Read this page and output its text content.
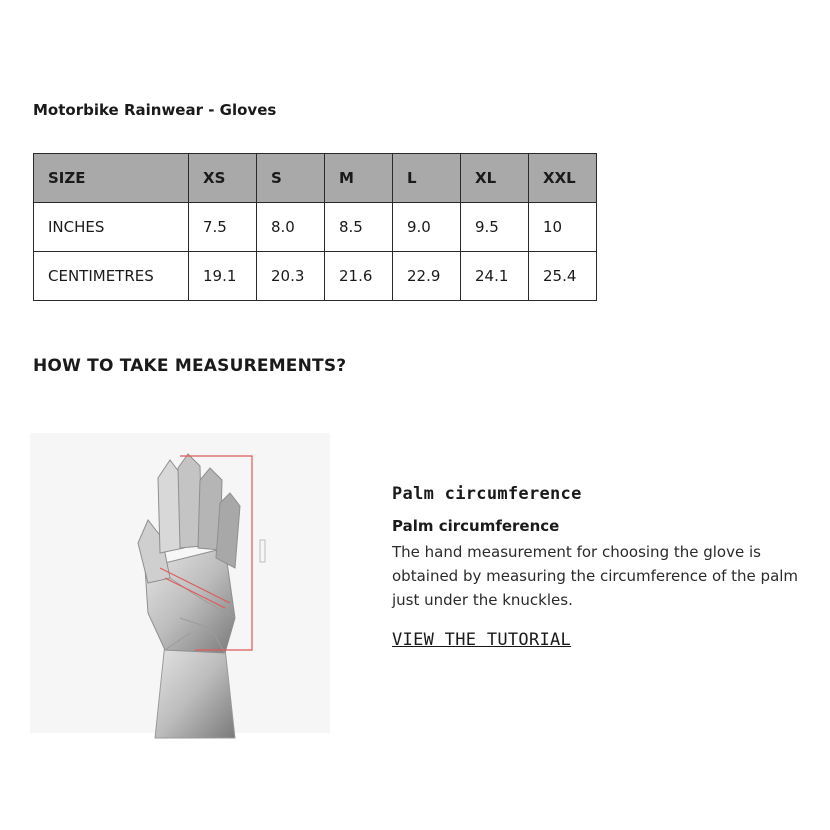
Motorbike Rainwear - Gloves
SIZE	XS	S	M	L	XL	XXL
INCHES	7.5	8.0	8.5	9.0	9.5	10
CENTIMETRES	19.1	20.3	21.6	22.9	24.1	25.4
HOW TO TAKE MEASUREMENTS?
Palm circumference
Palm circumference
The hand measurement for choosing the glove is obtained by measuring the circumference of the palm just under the knuckles.
VIEW THE TUTORIAL
